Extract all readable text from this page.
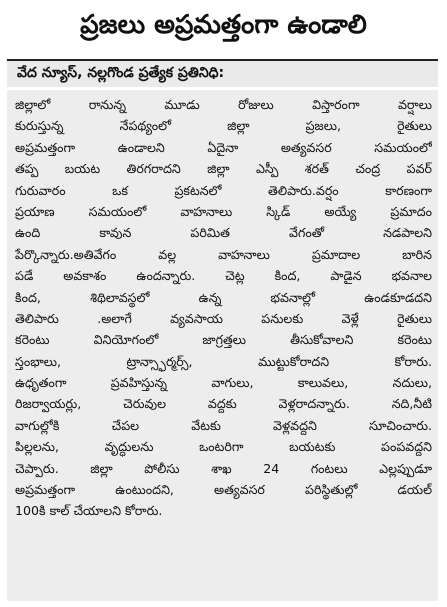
ప్రజలు అప్రమత్తంగా ఉండాలి
వేద న్యూస్, నల్లగొండ ప్రత్యేక ప్రతినిధి:
జిల్లాలో రానున్న మూడు రోజులు విస్తారంగా వర్షాలు
కురుస్తున్న నేపథ్యంలో జిల్లా ప్రజలు, రైతులు
అప్రమత్తంగా ఉండాలని ఏదైనా అత్యవసర సమయంలో
తప్ప బయట తిరగరాదని జిల్లా ఎస్పీ శరత్ చంద్ర పవర్
గురువారం ఒక ప్రకటనలో తెలిపారు.వర్షం కారణంగా
ప్రయాణ సమయంలో వాహనాలు స్కిడ్ అయ్యే ప్రమాదం
ఉంది కావున పరిమిత వేగంతో నడపాలని
పేర్కొన్నారు.అతివేగం వల్ల వాహనాలు ప్రమాదాల బారిన
పడే అవకాశం ఉందన్నారు. చెట్ల కింద, పాడైన భవనాల
కింద, శిథిలావస్థలో ఉన్న భవనాల్లో ఉండకూడదని
తెలిపారు .అలాగే వ్యవసాయ పనులకు వెళ్లే రైతులు
కరెంటు వినియోగంలో జాగ్రత్తలు తీసుకోవాలని కరెంటు
స్తంభాలు, ట్రాన్స్ఫార్మర్స్, ముట్టుకోరాదని కోరారు.
ఉధృతంగా ప్రవహిస్తున్న వాగులు, కాలువలు, నదులు,
రిజర్వాయర్లు, చెరువుల వద్దకు వెళ్లరాదన్నారు. నది,నీటి
వాగుల్లోకి చేపల వేటకు వెళ్లవద్దని సూచించారు.
పిల్లలను, వృద్ధులను ఒంటరిగా బయటకు పంపవద్దని
చెప్పారు. జిల్లా పోలీసు శాఖ 24 గంటలు ఎల్లప్పుడూ
అప్రమత్తంగా ఉంటుందని, అత్యవసర పరిస్థితుల్లో డయల్
100కి కాల్ చేయాలని కోరారు.
